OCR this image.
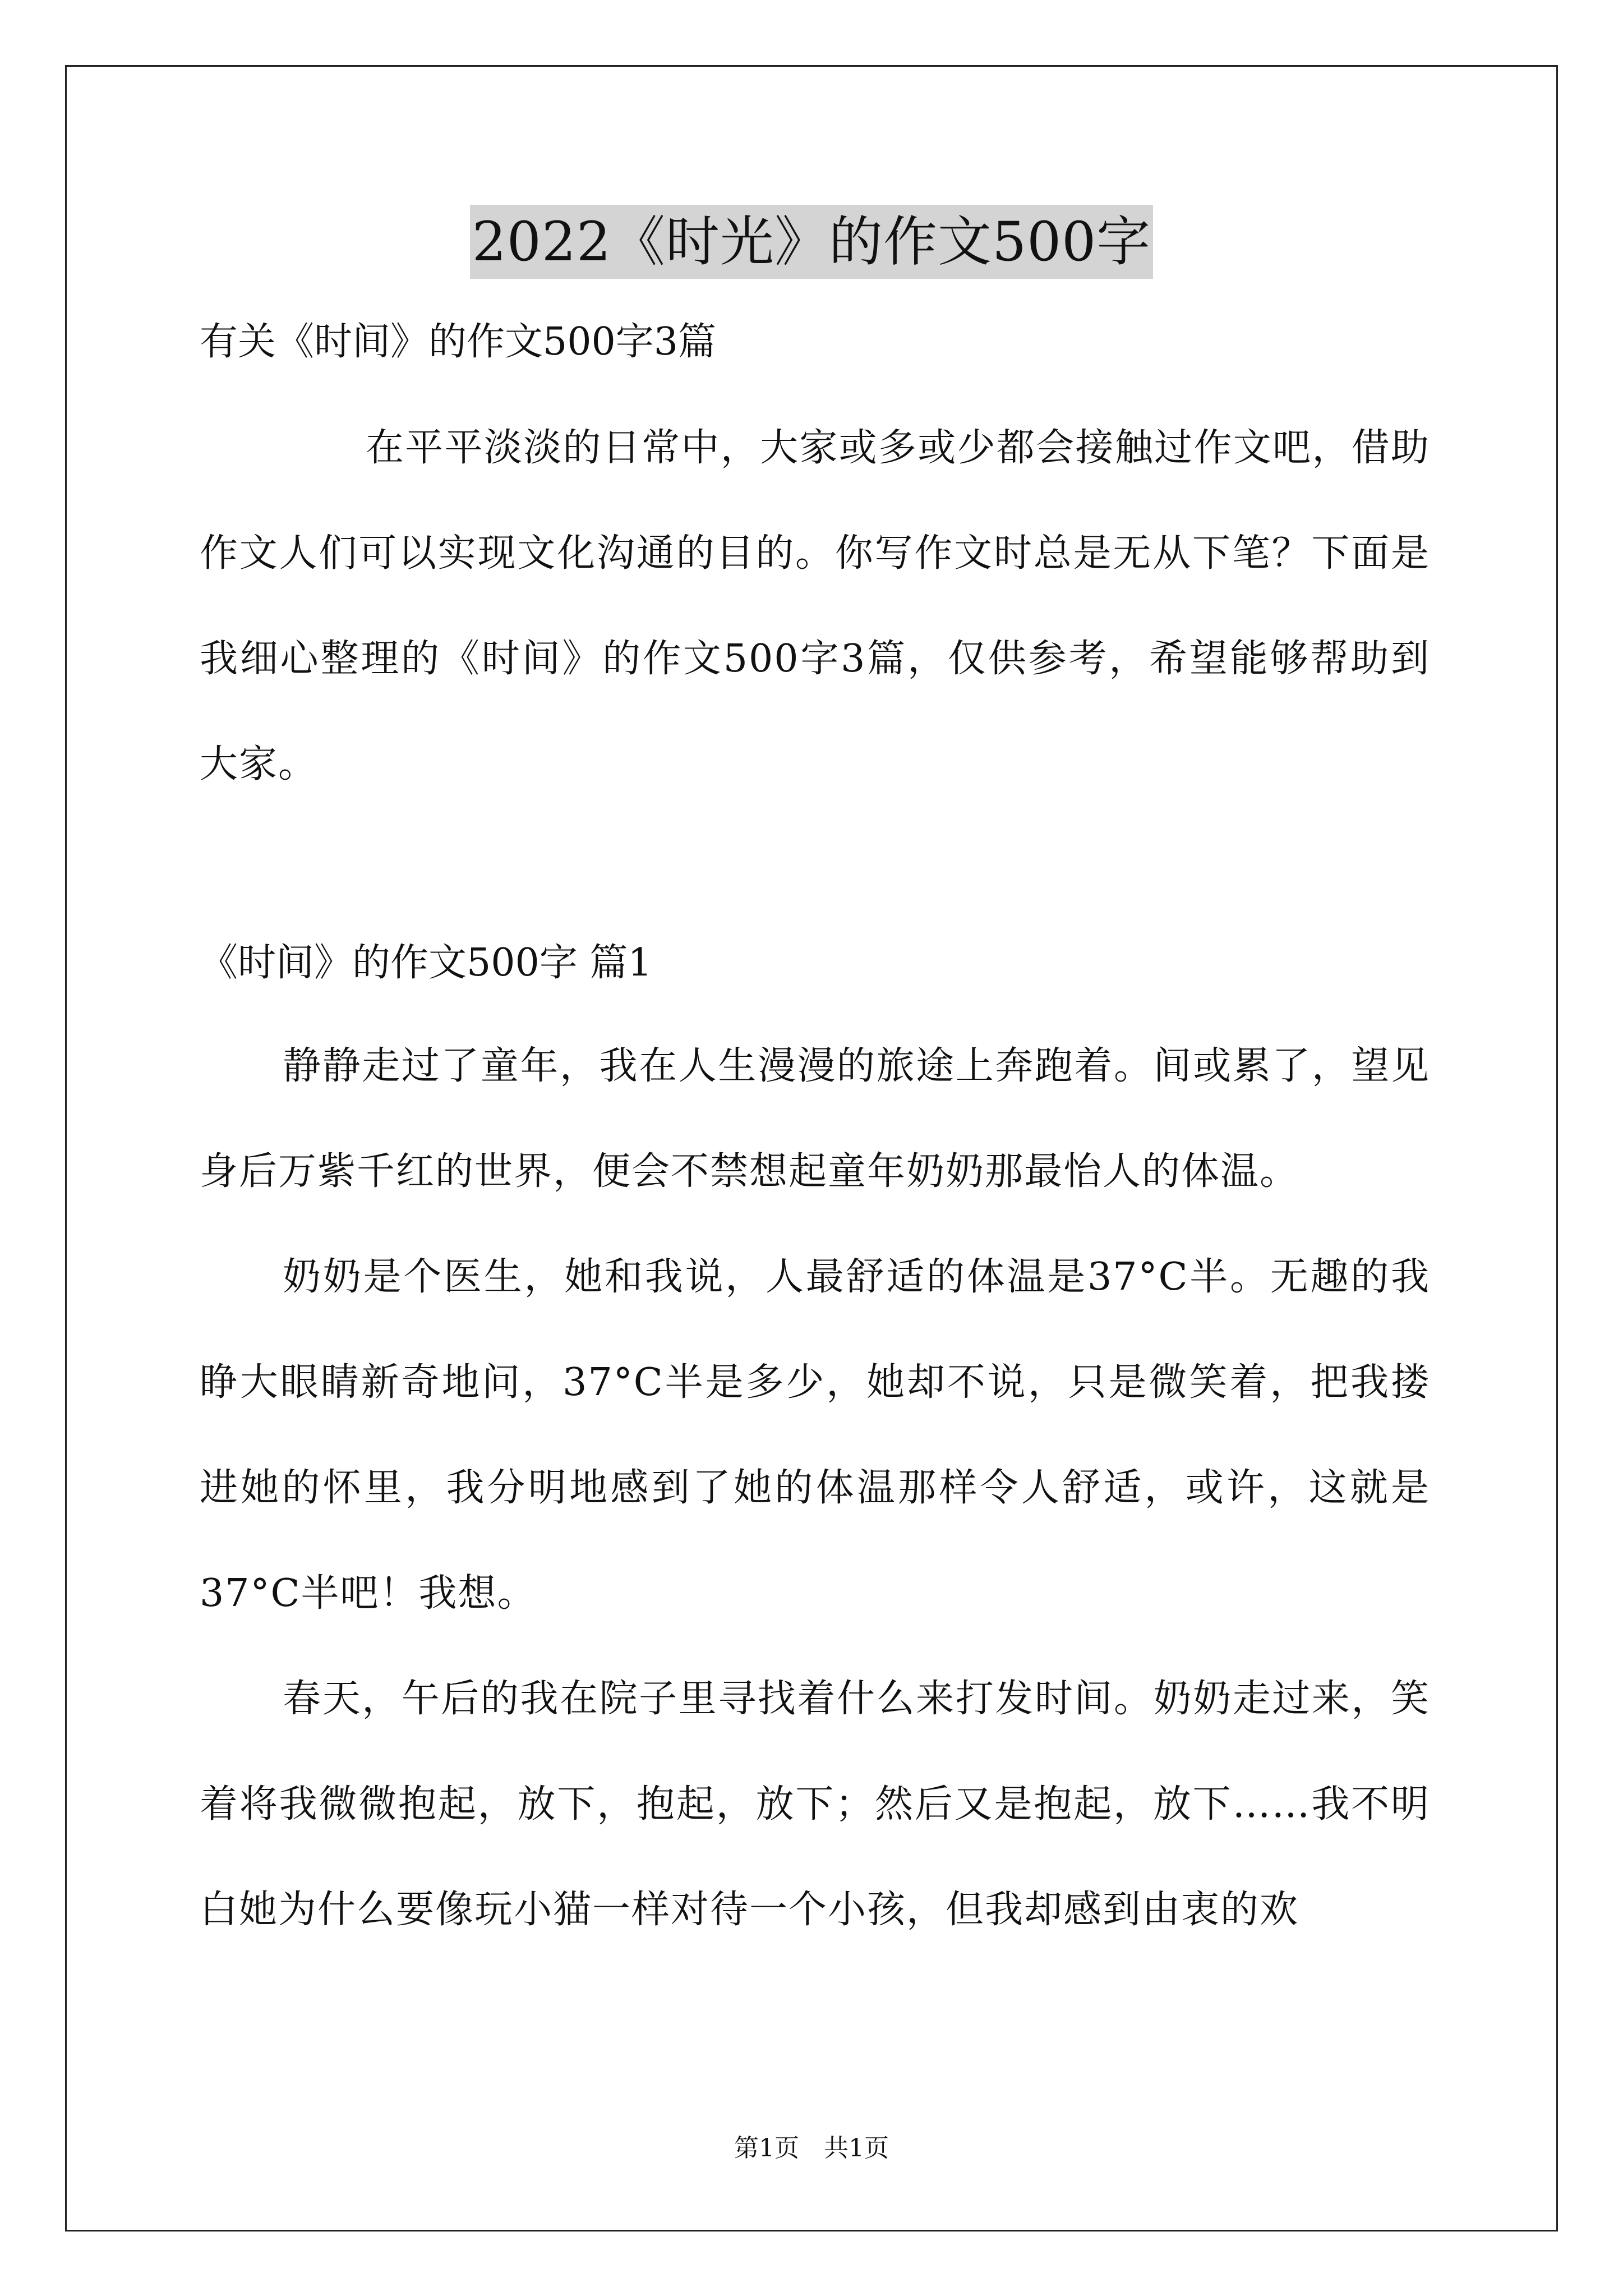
2022《时光》的作文500字

有关《时间》的作文500字3篇

在平平淡淡的日常中，大家或多或少都会接触过作文吧，借助作文人们可以实现文化沟通的目的。你写作文时总是无从下笔？下面是我细心整理的《时间》的作文500字3篇，仅供参考，希望能够帮助到大家。

《时间》的作文500字 篇1

静静走过了童年，我在人生漫漫的旅途上奔跑着。间或累了，望见身后万紫千红的世界，便会不禁想起童年奶奶那最怡人的体温。

奶奶是个医生，她和我说，人最舒适的体温是37°C半。无趣的我睁大眼睛新奇地问，37°C半是多少，她却不说，只是微笑着，把我搂进她的怀里，我分明地感到了她的体温那样令人舒适，或许，这就是37°C半吧！我想。

春天，午后的我在院子里寻找着什么来打发时间。奶奶走过来，笑着将我微微抱起，放下，抱起，放下；然后又是抱起，放下……我不明白她为什么要像玩小猫一样对待一个小孩，但我却感到由衷的欢

第1页　共1页
